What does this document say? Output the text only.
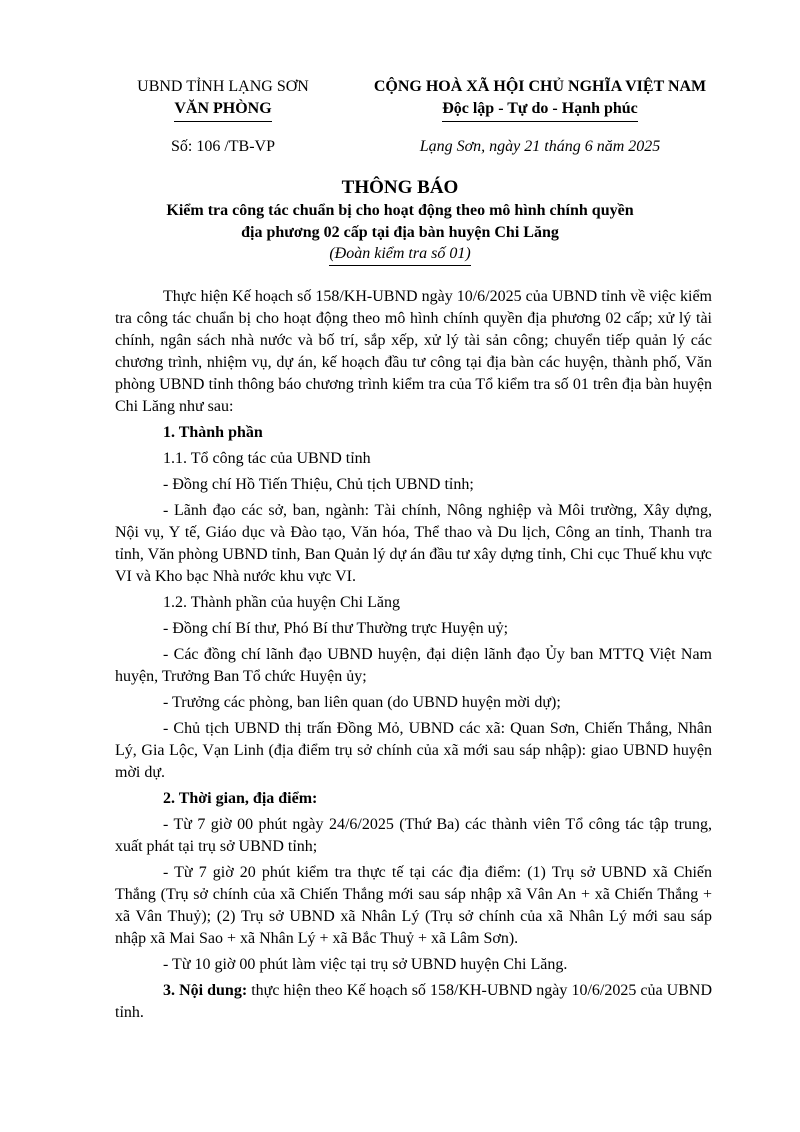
UBND TỈNH LẠNG SƠN
VĂN PHÒNG
Số: 106 /TB-VP
CỘNG HOÀ XÃ HỘI CHỦ NGHĨA VIỆT NAM
Độc lập - Tự do - Hạnh phúc
Lạng Sơn, ngày 21 tháng 6 năm 2025
THÔNG BÁO
Kiểm tra công tác chuẩn bị cho hoạt động theo mô hình chính quyền
địa phương 02 cấp tại địa bàn huyện Chi Lăng
(Đoàn kiểm tra số 01)

Thực hiện Kế hoạch số 158/KH-UBND ngày 10/6/2025 của UBND tỉnh về việc kiểm tra công tác chuẩn bị cho hoạt động theo mô hình chính quyền địa phương 02 cấp; xử lý tài chính, ngân sách nhà nước và bố trí, sắp xếp, xử lý tài sản công; chuyển tiếp quản lý các chương trình, nhiệm vụ, dự án, kế hoạch đầu tư công tại địa bàn các huyện, thành phố, Văn phòng UBND tỉnh thông báo chương trình kiểm tra của Tổ kiểm tra số 01 trên địa bàn huyện Chi Lăng như sau:

1. Thành phần

1.1. Tổ công tác của UBND tỉnh

- Đồng chí Hồ Tiến Thiệu, Chủ tịch UBND tỉnh;

- Lãnh đạo các sở, ban, ngành: Tài chính, Nông nghiệp và Môi trường, Xây dựng, Nội vụ, Y tế, Giáo dục và Đào tạo, Văn hóa, Thể thao và Du lịch, Công an tỉnh, Thanh tra tỉnh, Văn phòng UBND tỉnh, Ban Quản lý dự án đầu tư xây dựng tỉnh, Chi cục Thuế khu vực VI và Kho bạc Nhà nước khu vực VI.

1.2. Thành phần của huyện Chi Lăng

- Đồng chí Bí thư, Phó Bí thư Thường trực Huyện uỷ;

- Các đồng chí lãnh đạo UBND huyện, đại diện lãnh đạo Ủy ban MTTQ Việt Nam huyện, Trưởng Ban Tổ chức Huyện ủy;

- Trưởng các phòng, ban liên quan (do UBND huyện mời dự);

- Chủ tịch UBND thị trấn Đồng Mỏ, UBND các xã: Quan Sơn, Chiến Thắng, Nhân Lý, Gia Lộc, Vạn Linh (địa điểm trụ sở chính của xã mới sau sáp nhập): giao UBND huyện mời dự.

2. Thời gian, địa điểm:

- Từ 7 giờ 00 phút ngày 24/6/2025 (Thứ Ba) các thành viên Tổ công tác tập trung, xuất phát tại trụ sở UBND tỉnh;

- Từ 7 giờ 20 phút kiểm tra thực tế tại các địa điểm: (1) Trụ sở UBND xã Chiến Thắng (Trụ sở chính của xã Chiến Thắng mới sau sáp nhập xã Vân An + xã Chiến Thắng + xã Vân Thuỷ); (2) Trụ sở UBND xã Nhân Lý (Trụ sở chính của xã Nhân Lý mới sau sáp nhập xã Mai Sao + xã Nhân Lý + xã Bắc Thuỷ + xã Lâm Sơn).

- Từ 10 giờ 00 phút làm việc tại trụ sở UBND huyện Chi Lăng.

3. Nội dung: thực hiện theo Kế hoạch số 158/KH-UBND ngày 10/6/2025 của UBND tỉnh.
